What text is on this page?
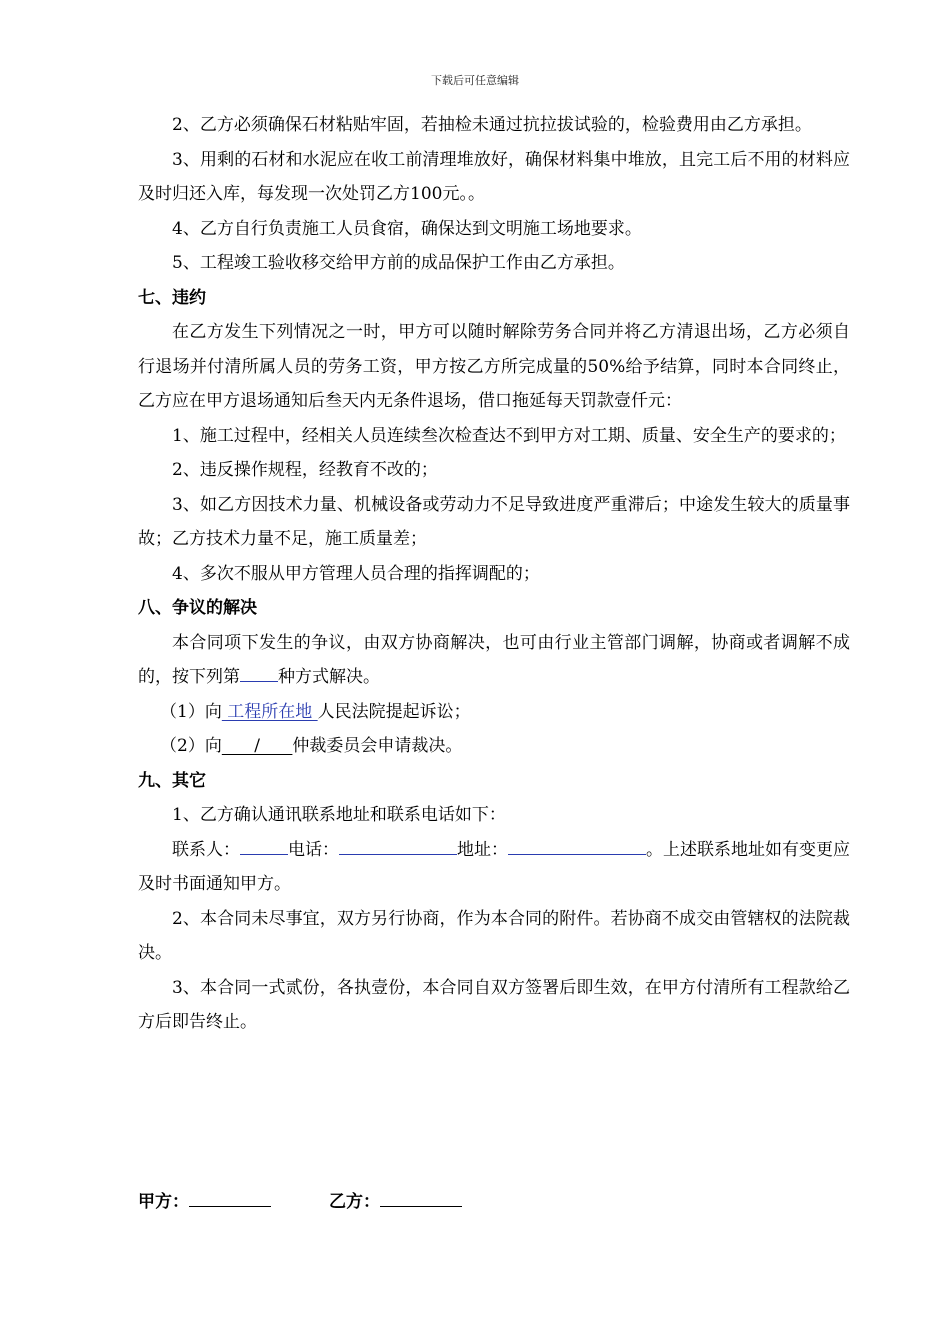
下载后可任意编辑

2、乙方必须确保石材粘贴牢固，若抽检未通过抗拉拔试验的，检验费用由乙方承担。

3、用剩的石材和水泥应在收工前清理堆放好，确保材料集中堆放，且完工后不用的材料应及时归还入库，每发现一次处罚乙方100元。。

4、乙方自行负责施工人员食宿，确保达到文明施工场地要求。

5、工程竣工验收移交给甲方前的成品保护工作由乙方承担。

七、违约

在乙方发生下列情况之一时，甲方可以随时解除劳务合同并将乙方清退出场，乙方必须自行退场并付清所属人员的劳务工资，甲方按乙方所完成量的50%给予结算，同时本合同终止，乙方应在甲方退场通知后叁天内无条件退场，借口拖延每天罚款壹仟元：

1、施工过程中，经相关人员连续叁次检查达不到甲方对工期、质量、安全生产的要求的；

2、违反操作规程，经教育不改的；

3、如乙方因技术力量、机械设备或劳动力不足导致进度严重滞后；中途发生较大的质量事故；乙方技术力量不足，施工质量差；

4、多次不服从甲方管理人员合理的指挥调配的；

八、争议的解决

本合同项下发生的争议，由双方协商解决，也可由行业主管部门调解，协商或者调解不成的，按下列第 种方式解决。

（1）向 工程所在地 人民法院提起诉讼；

（2）向      /      仲裁委员会申请裁决。

九、其它

1、乙方确认通讯联系地址和联系电话如下：

联系人：	电话：	地址：	。上述联系地址如有变更应及时书面通知甲方。

2、本合同未尽事宜，双方另行协商，作为本合同的附件。若协商不成交由管辖权的法院裁决。

3、本合同一式贰份，各执壹份，本合同自双方签署后即生效，在甲方付清所有工程款给乙方后即告终止。

甲方：	乙方：
